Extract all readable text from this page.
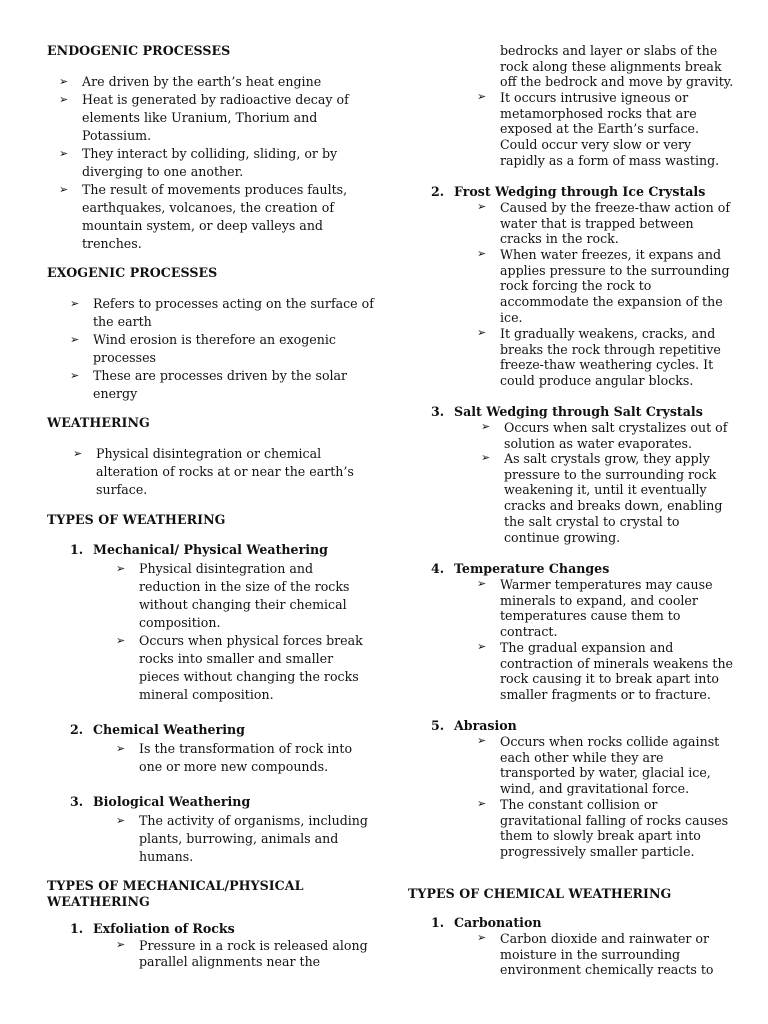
ENDOGENIC PROCESSES
➢ Are driven by the earth’s heat engine
➢ Heat is generated by radioactive decay of
elements like Uranium, Thorium and
Potassium.
➢ They interact by colliding, sliding, or by
diverging to one another.
➢ The result of movements produces faults,
earthquakes, volcanoes, the creation of
mountain system, or deep valleys and
trenches.
EXOGENIC PROCESSES
➢ Refers to processes acting on the surface of
the earth
➢ Wind erosion is therefore an exogenic
processes
➢ These are processes driven by the solar
energy
WEATHERING
➢ Physical disintegration or chemical
alteration of rocks at or near the earth’s
surface.
TYPES OF WEATHERING
1. Mechanical/ Physical Weathering
➢ Physical disintegration and
reduction in the size of the rocks
without changing their chemical
composition.
➢ Occurs when physical forces break
rocks into smaller and smaller
pieces without changing the rocks
mineral composition.
2. Chemical Weathering
➢ Is the transformation of rock into
one or more new compounds.
3. Biological Weathering
➢ The activity of organisms, including
plants, burrowing, animals and
humans.
TYPES OF MECHANICAL/PHYSICAL
WEATHERING
1. Exfoliation of Rocks
➢ Pressure in a rock is released along
parallel alignments near the
bedrocks and layer or slabs of the
rock along these alignments break
off the bedrock and move by gravity.
➢ It occurs intrusive igneous or
metamorphosed rocks that are
exposed at the Earth’s surface.
Could occur very slow or very
rapidly as a form of mass wasting.
2. Frost Wedging through Ice Crystals
➢ Caused by the freeze-thaw action of
water that is trapped between
cracks in the rock.
➢ When water freezes, it expans and
applies pressure to the surrounding
rock forcing the rock to
accommodate the expansion of the
ice.
➢ It gradually weakens, cracks, and
breaks the rock through repetitive
freeze-thaw weathering cycles. It
could produce angular blocks.
3. Salt Wedging through Salt Crystals
➢ Occurs when salt crystalizes out of
solution as water evaporates.
➢ As salt crystals grow, they apply
pressure to the surrounding rock
weakening it, until it eventually
cracks and breaks down, enabling
the salt crystal to crystal to
continue growing.
4. Temperature Changes
➢ Warmer temperatures may cause
minerals to expand, and cooler
temperatures cause them to
contract.
➢ The gradual expansion and
contraction of minerals weakens the
rock causing it to break apart into
smaller fragments or to fracture.
5. Abrasion
➢ Occurs when rocks collide against
each other while they are
transported by water, glacial ice,
wind, and gravitational force.
➢ The constant collision or
gravitational falling of rocks causes
them to slowly break apart into
progressively smaller particle.
TYPES OF CHEMICAL WEATHERING
1. Carbonation
➢ Carbon dioxide and rainwater or
moisture in the surrounding
environment chemically reacts to
